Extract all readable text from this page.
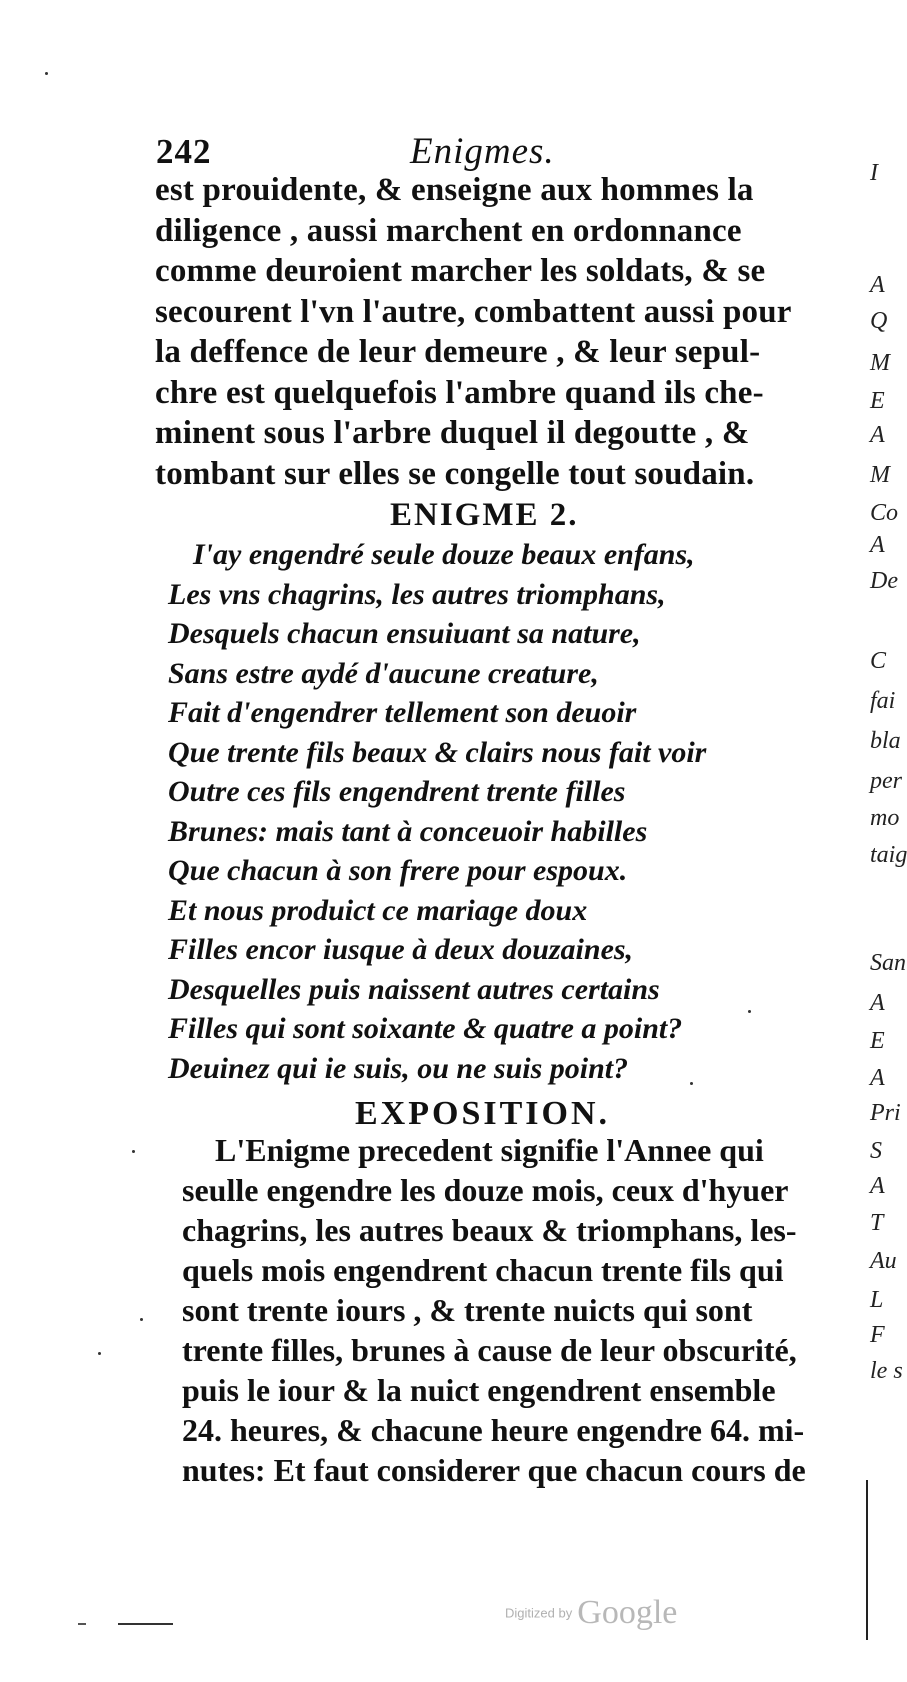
242	Enigmes.
est prouidente, & enseigne aux hommes la
diligence , aussi marchent en ordonnance
comme deuroient marcher les soldats, & se
secourent l'vn l'autre, combattent aussi pour
la deffence de leur demeure , & leur sepul-
chre est quelquefois l'ambre quand ils che-
minent sous l'arbre duquel il degoutte , &
tombant sur elles se congelle tout soudain.
ENIGME 2.
I'ay engendré seule douze beaux enfans,
Les vns chagrins, les autres triomphans,
Desquels chacun ensuiuant sa nature,
Sans estre aydé d'aucune creature,
Fait d'engendrer tellement son deuoir
Que trente fils beaux & clairs nous fait voir
Outre ces fils engendrent trente filles
Brunes: mais tant à conceuoir habilles
Que chacun à son frere pour espoux.
Et nous produict ce mariage doux
Filles encor iusque à deux douzaines,
Desquelles puis naissent autres certains
Filles qui sont soixante & quatre a point?
Deuinez qui ie suis, ou ne suis point?
EXPOSITION.
L'Enigme precedent signifie l'Annee qui
seulle engendre les douze mois, ceux d'hyuer
chagrins, les autres beaux & triomphans, les-
quels mois engendrent chacun trente fils qui
sont trente iours , & trente nuicts qui sont
trente filles, brunes à cause de leur obscurité,
puis le iour & la nuict engendrent ensemble
24. heures, & chacune heure engendre 64. mi-
nutes: Et faut considerer que chacun cours de
I
A
Q
M
E
A
M
Co
A
De
C
fai
bla
per
mo
taig
San
A
E
A
Pri
S
A
T
Au
L
F
le s
Digitized by Google
